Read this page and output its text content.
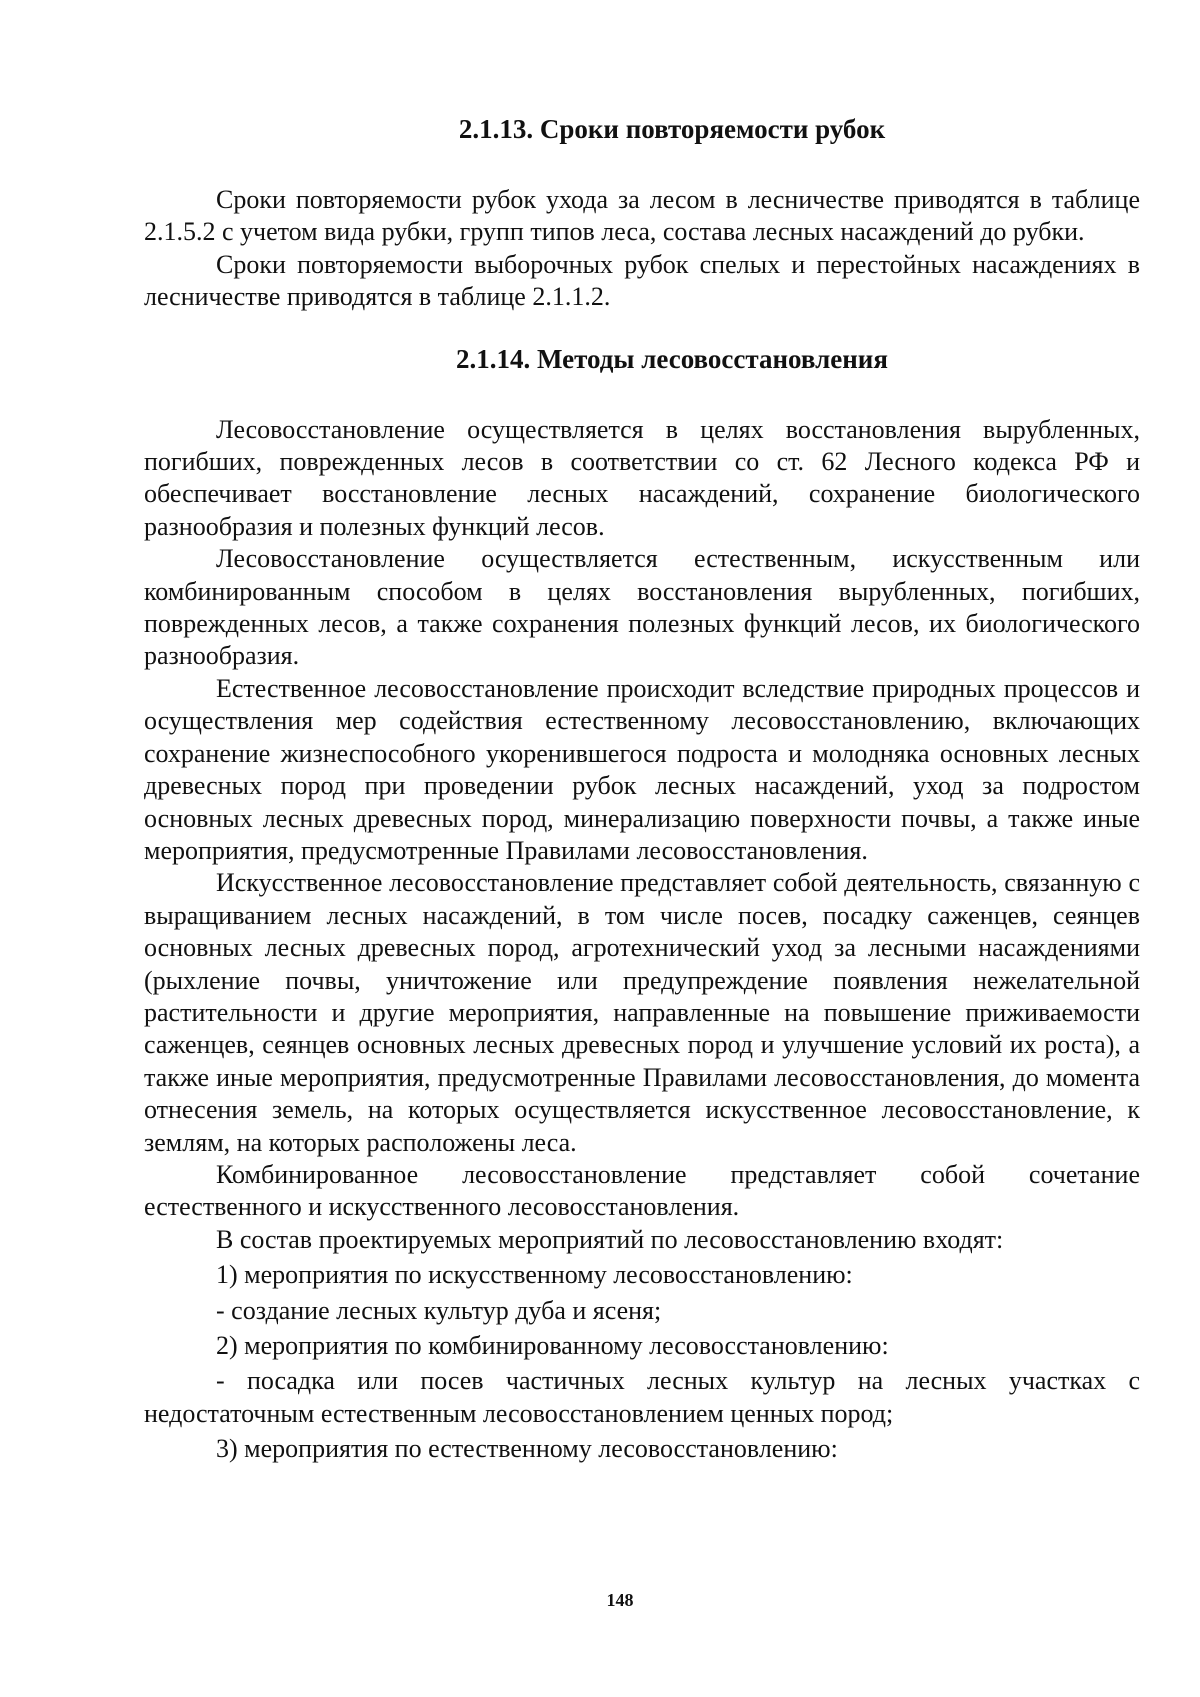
2.1.13. Сроки повторяемости рубок

Сроки повторяемости рубок ухода за лесом в лесничестве приводятся в таблице 2.1.5.2 с учетом вида рубки, групп типов леса, состава лесных насаждений до рубки.

Сроки повторяемости выборочных рубок спелых и перестойных насаждениях в лесничестве приводятся в таблице 2.1.1.2.

2.1.14. Методы лесовосстановления

Лесовосстановление осуществляется в целях восстановления вырубленных, погибших, поврежденных лесов в соответствии со ст. 62 Лесного кодекса РФ и обеспечивает восстановление лесных насаждений, сохранение биологического разнообразия и полезных функций лесов.

Лесовосстановление осуществляется естественным, искусственным или комбинированным способом в целях восстановления вырубленных, погибших, поврежденных лесов, а также сохранения полезных функций лесов, их биологического разнообразия.

Естественное лесовосстановление происходит вследствие природных процессов и осуществления мер содействия естественному лесовосстановлению, включающих сохранение жизнеспособного укоренившегося подроста и молодняка основных лесных древесных пород при проведении рубок лесных насаждений, уход за подростом основных лесных древесных пород, минерализацию поверхности почвы, а также иные мероприятия, предусмотренные Правилами лесовосстановления.

Искусственное лесовосстановление представляет собой деятельность, связанную с выращиванием лесных насаждений, в том числе посев, посадку саженцев, сеянцев основных лесных древесных пород, агротехнический уход за лесными насаждениями (рыхление почвы, уничтожение или предупреждение появления нежелательной растительности и другие мероприятия, направленные на повышение приживаемости саженцев, сеянцев основных лесных древесных пород и улучшение условий их роста), а также иные мероприятия, предусмотренные Правилами лесовосстановления, до момента отнесения земель, на которых осуществляется искусственное лесовосстановление, к землям, на которых расположены леса.

Комбинированное лесовосстановление представляет собой сочетание естественного и искусственного лесовосстановления.

В состав проектируемых мероприятий по лесовосстановлению входят:

1) мероприятия по искусственному лесовосстановлению:

- создание лесных культур дуба и ясеня;

2) мероприятия по комбинированному лесовосстановлению:

- посадка или посев частичных лесных культур на лесных участках с недостаточным естественным лесовосстановлением ценных пород;

3) мероприятия по естественному лесовосстановлению:

148
